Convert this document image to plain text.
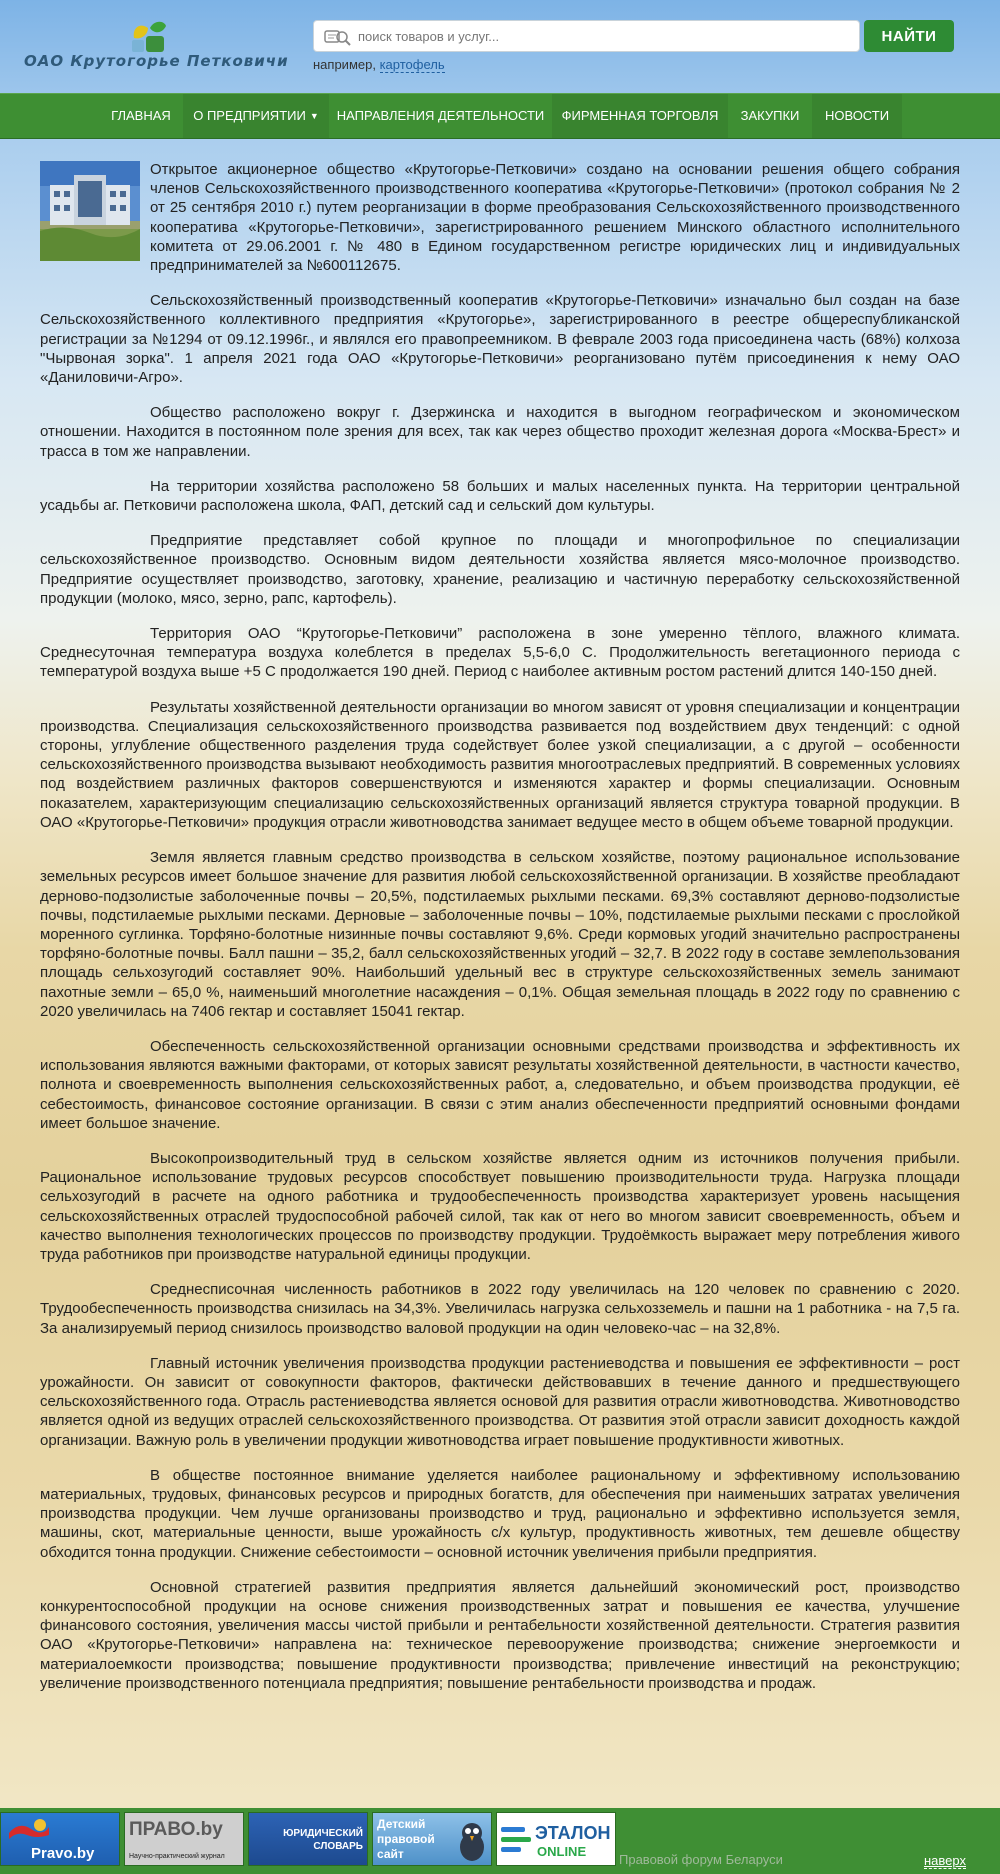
ОАО Крутогорье Петковичи
поиск товаров и услуг...
НАЙТИ
например, картофель
ГЛАВНАЯ	О ПРЕДПРИЯТИИ ▼	НАПРАВЛЕНИЯ ДЕЯТЕЛЬНОСТИ	ФИРМЕННАЯ ТОРГОВЛЯ	ЗАКУПКИ	НОВОСТИ

Открытое акционерное общество «Крутогорье-Петковичи» создано на основании решения общего собрания членов Сельскохозяйственного производственного кооператива «Крутогорье-Петковичи» (протокол собрания № 2 от 25 сентября 2010 г.) путем реорганизации в форме преобразования Сельскохозяйственного производственного кооператива «Крутогорье-Петковичи», зарегистрированного решением Минского областного исполнительного комитета от 29.06.2001 г. № 480 в Едином государственном регистре юридических лиц и индивидуальных предпринимателей за №600112675.

Сельскохозяйственный производственный кооператив «Крутогорье-Петковичи» изначально был создан на базе Сельскохозяйственного коллективного предприятия «Крутогорье», зарегистрированного в реестре общереспубликанской регистрации за №1294 от 09.12.1996г., и являлся его правопреемником. В феврале 2003 года присоединена часть (68%) колхоза "Чырвоная зорка". 1 апреля 2021 года ОАО «Крутогорье-Петковичи» реорганизовано путём присоединения к нему ОАО «Даниловичи-Агро».

Общество расположено вокруг г. Дзержинска и находится в выгодном географическом и экономическом отношении. Находится в постоянном поле зрения для всех, так как через общество проходит железная дорога «Москва-Брест» и трасса в том же направлении.

На территории хозяйства расположено 58 больших и малых населенных пункта. На территории центральной усадьбы аг. Петковичи расположена школа, ФАП, детский сад и сельский дом культуры.

Предприятие представляет собой крупное по площади и многопрофильное по специализации сельскохозяйственное производство. Основным видом деятельности хозяйства является мясо-молочное производство. Предприятие осуществляет производство, заготовку, хранение, реализацию и частичную переработку сельскохозяйственной продукции (молоко, мясо, зерно, рапс, картофель).

Территория ОАО “Крутогорье-Петковичи” расположена в зоне умеренно тёплого, влажного климата. Среднесуточная температура воздуха колеблется в пределах 5,5-6,0 С. Продолжительность вегетационного периода с температурой воздуха выше +5 С продолжается 190 дней. Период с наиболее активным ростом растений длится 140-150 дней.

Результаты хозяйственной деятельности организации во многом зависят от уровня специализации и концентрации производства. Специализация сельскохозяйственного производства развивается под воздействием двух тенденций: с одной стороны, углубление общественного разделения труда содействует более узкой специализации, а с другой – особенности сельскохозяйственного производства вызывают необходимость развития многоотраслевых предприятий. В современных условиях под воздействием различных факторов совершенствуются и изменяются характер и формы специализации. Основным показателем, характеризующим специализацию сельскохозяйственных организаций является структура товарной продукции. В ОАО «Крутогорье-Петковичи» продукция отрасли животноводства занимает ведущее место в общем объеме товарной продукции.

Земля является главным средство производства в сельском хозяйстве, поэтому рациональное использование земельных ресурсов имеет большое значение для развития любой сельскохозяйственной организации. В хозяйстве преобладают дерново-подзолистые заболоченные почвы – 20,5%, подстилаемых рыхлыми песками. 69,3% составляют дерново-подзолистые почвы, подстилаемые рыхлыми песками. Дерновые – заболоченные почвы – 10%, подстилаемые рыхлыми песками с прослойкой моренного суглинка. Торфяно-болотные низинные почвы составляют 9,6%. Среди кормовых угодий значительно распространены торфяно-болотные почвы. Балл пашни – 35,2, балл сельскохозяйственных угодий – 32,7. В 2022 году в составе землепользования площадь сельхозугодий составляет 90%. Наибольший удельный вес в структуре сельскохозяйственных земель занимают пахотные земли – 65,0 %, наименьший многолетние насаждения – 0,1%. Общая земельная площадь в 2022 году по сравнению с 2020 увеличилась на 7406 гектар и составляет 15041 гектар.

Обеспеченность сельскохозяйственной организации основными средствами производства и эффективность их использования являются важными факторами, от которых зависят результаты хозяйственной деятельности, в частности качество, полнота и своевременность выполнения сельскохозяйственных работ, а, следовательно, и объем производства продукции, её себестоимость, финансовое состояние организации. В связи с этим анализ обеспеченности предприятий основными фондами имеет большое значение.

Высокопроизводительный труд в сельском хозяйстве является одним из источников получения прибыли. Рациональное использование трудовых ресурсов способствует повышению производительности труда. Нагрузка площади сельхозугодий в расчете на одного работника и трудообеспеченность производства характеризует уровень насыщения сельскохозяйственных отраслей трудоспособной рабочей силой, так как от него во многом зависит своевременность, объем и качество выполнения технологических процессов по производству продукции. Трудоёмкость выражает меру потребления живого труда работников при производстве натуральной единицы продукции.

Среднесписочная численность работников в 2022 году увеличилась на 120 человек по сравнению с 2020. Трудообеспеченность производства снизилась на 34,3%. Увеличилась нагрузка сельхозземель и пашни на 1 работника - на 7,5 га. За анализируемый период снизилось производство валовой продукции на один человеко-час – на 32,8%.

Главный источник увеличения производства продукции растениеводства и повышения ее эффективности – рост урожайности. Он зависит от совокупности факторов, фактически действовавших в течение данного и предшествующего сельскохозяйственного года. Отрасль растениеводства является основой для развития отрасли животноводства. Животноводство является одной из ведущих отраслей сельскохозяйственного производства. От развития этой отрасли зависит доходность каждой организации. Важную роль в увеличении продукции животноводства играет повышение продуктивности животных.

В обществе постоянное внимание уделяется наиболее рациональному и эффективному использованию материальных, трудовых, финансовых ресурсов и природных богатств, для обеспечения при наименьших затратах увеличения производства продукции. Чем лучше организованы производство и труд, рационально и эффективно используется земля, машины, скот, материальные ценности, выше урожайность с/х культур, продуктивность животных, тем дешевле обществу обходится тонна продукции. Снижение себестоимости – основной источник увеличения прибыли предприятия.

Основной стратегией развития предприятия является дальнейший экономический рост, производство конкурентоспособной продукции на основе снижения производственных затрат и повышения ее качества, улучшение финансового состояния, увеличения массы чистой прибыли и рентабельности хозяйственной деятельности. Стратегия развития ОАО «Крутогорье-Петковичи» направлена на: техническое перевооружение производства; снижение энергоемкости и материалоемкости производства; повышение продуктивности производства; привлечение инвестиций на реконструкцию; увеличение производственного потенциала предприятия; повышение рентабельности производства и продаж.

Pravo.by
ПРАВО.by
Научно-практический журнал
ЮРИДИЧЕСКИЙ СЛОВАРЬ
Детский правовой сайт
ЭТАЛОН
ONLINE
Правовой форум Беларуси	наверх
